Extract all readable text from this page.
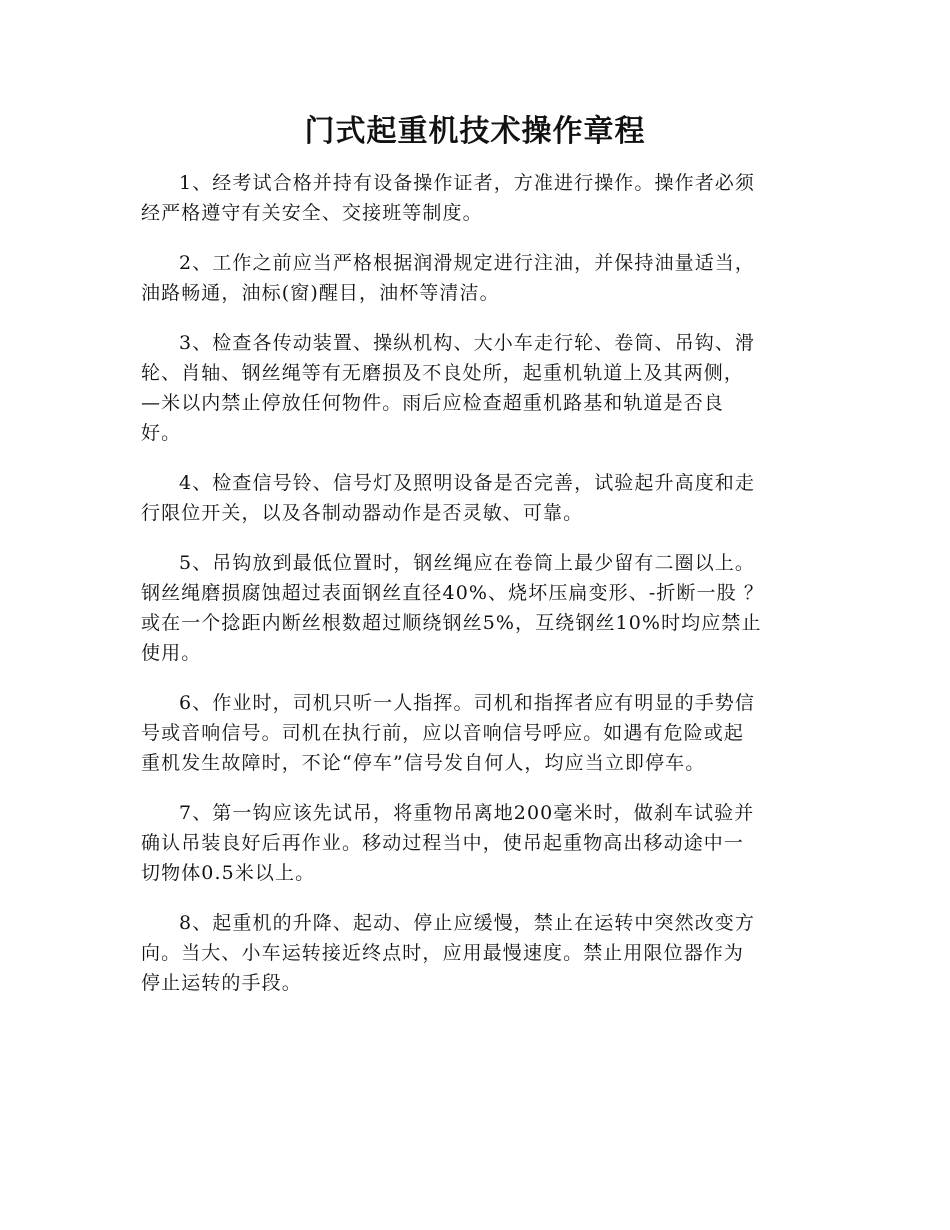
门式起重机技术操作章程

1、经考试合格并持有设备操作证者，方准进行操作。操作者必须
经严格遵守有关安全、交接班等制度。

2、工作之前应当严格根据润滑规定进行注油，并保持油量适当，
油路畅通，油标(窗)醒目，油杯等清洁。

3、检查各传动装置、操纵机构、大小车走行轮、卷筒、吊钩、滑
轮、肖轴、钢丝绳等有无磨损及不良处所，起重机轨道上及其两侧，
—米以内禁止停放任何物件。雨后应检查超重机路基和轨道是否良
好。

4、检查信号铃、信号灯及照明设备是否完善，试验起升高度和走
行限位开关，以及各制动器动作是否灵敏、可靠。

5、吊钩放到最低位置时，钢丝绳应在卷筒上最少留有二圈以上。
钢丝绳磨损腐蚀超过表面钢丝直径40%、烧坏压扁变形、-折断一股 ？
或在一个捻距内断丝根数超过顺绕钢丝5%，互绕钢丝10%时均应禁止
使用。

6、作业时，司机只听一人指挥。司机和指挥者应有明显的手势信
号或音响信号。司机在执行前，应以音响信号呼应。如遇有危险或起
重机发生故障时，不论“停车”信号发自何人，均应当立即停车。

7、第一钩应该先试吊，将重物吊离地200毫米时，做刹车试验并
确认吊装良好后再作业。移动过程当中，使吊起重物高出移动途中一
切物体0.5米以上。

8、起重机的升降、起动、停止应缓慢，禁止在运转中突然改变方
向。当大、小车运转接近终点时，应用最慢速度。禁止用限位器作为
停止运转的手段。
